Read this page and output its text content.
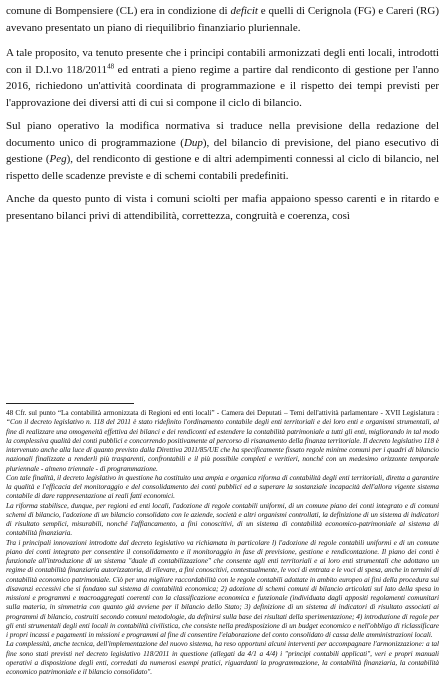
comune di Bompensiere (CL) era in condizione di deficit e quelli di Cerignola (FG) e Careri (RG) avevano presentato un piano di riequilibrio finanziario pluriennale.

A tale proposito, va tenuto presente che i principi contabili armonizzati degli enti locali, introdotti con il D.l.vo 118/2011$^{48}$ ed entrati a pieno regime a partire dal rendiconto di gestione per l'anno 2016, richiedono un'attività coordinata di programmazione e il rispetto dei tempi previsti per l'approvazione dei diversi atti di cui si compone il ciclo di bilancio.

Sul piano operativo la modifica normativa si traduce nella previsione della redazione del documento unico di programmazione (Dup), del bilancio di previsione, del piano esecutivo di gestione (Peg), del rendiconto di gestione e di altri adempimenti connessi al ciclo di bilancio, nel rispetto delle scadenze previste e di schemi contabili predefiniti.

Anche da questo punto di vista i comuni sciolti per mafia appaiono spesso carenti e in ritardo e presentano bilanci privi di attendibilità, correttezza, congruità e coerenza, così

48 Cfr. sul punto “La contabilità armonizzata di Regioni ed enti locali” - Camera dei Deputati – Temi dell'attività parlamentare - XVII Legislatura : “Con il decreto legislativo n. 118 del 2011 è stato ridefinito l'ordinamento contabile degli enti territoriali e dei loro enti e organismi strumentali, al fine di realizzare una omogeneità effettiva dei bilanci e dei rendiconti ed estendere la contabilità patrimoniale a tutti gli enti, migliorando in tal modo la complessiva qualità dei conti pubblici e concorrendo positivamente al percorso di risanamento della finanza territoriale. Il decreto legislativo 118 è intervenuto anche alla luce di quanto previsto dalla Direttiva 2011/85/UE che ha specificamente fissato regole minime comuni per i quadri di bilancio nazionali finalizzate a renderli più trasparenti, confrontabili e il più possibile completi e veritieri, nonché con un medesimo orizzonte temporale pluriennale - almeno triennale - di programmazione.
Con tale finalità, il decreto legislativo in questione ha costituito una ampia e organica riforma di contabilità degli enti territoriali, diretta a garantire la qualità e l'efficacia del monitoraggio e del consolidamento dei conti pubblici ed a superare la sostanziale incapacità dell'allora vigente sistema contabile di dare rappresentazione ai reali fatti economici.
La riforma stabilisce, dunque, per regioni ed enti locali, l'adozione di regole contabili uniformi, di un comune piano dei conti integrato e di comuni schemi di bilancio, l'adozione di un bilancio consolidato con le aziende, società e altri organismi controllati, la definizione di un sistema di indicatori di risultato semplici, misurabili, nonché l'affiancamento, a fini conoscitivi, di un sistema di contabilità economico-patrimoniale al sistema di contabilità finanziaria.
Tra i principali innovazioni introdotte dal decreto legislativo va richiamata in particolare l) l'adozione di regole contabili uniformi e di un comune piano dei conti integrato per consentire il consolidamento e il monitoraggio in fase di previsione, gestione e rendicontazione. Il piano dei conti è funzionale all'introduzione di un sistema "duale di contabilizzazione" che consente agli enti territoriali e ai loro enti strumentali che adottano un regime di contabilità finanziaria autorizzatoria, di rilevare, a fini conoscitivi, contestualmente, le voci di entrata e le voci di spesa, anche in termini di contabilità economico patrimoniale. Ciò per una migliore raccordabilità con le regole contabili adottate in ambito europeo ai fini della procedura sui disavanzi eccessivi che si fondano sul sistema di contabilità economica; 2) adozione di schemi comuni di bilancio articolati sul lato della spesa in missioni e programmi e macroaggregati coerenti con la classificazione economica e funzionale (individuata dagli appositi regolamenti comunitari sulla materia, in simmetria con quanto già avviene per il bilancio dello Stato; 3) definizione di un sistema di indicatori di risultato associati ai programmi di bilancio, costruiti secondo comuni metodologie, da definirsi sulla base dei risultati della sperimentazione; 4) introduzione di regole per gli enti strumentali degli enti locali in contabilità civilistica, che consiste nella predisposizione di un budget economico e nell'obbligo di riclassificare i propri incassi e pagamenti in missioni e programmi al fine di consentire l'elaborazione del conto consolidato di cassa delle amministrazioni locali.
La complessità, anche tecnica, dell'implementazione del nuovo sistema, ha reso opportuni alcuni interventi per accompagnare l'armonizzazione: a tal fine sono stati previsti nel decreto legislativo 118/2011 in questione (allegati da 4/1 a 4/4) i "principi contabili applicati", veri e propri manuali operativi a disposizione degli enti, corredati da numerosi esempi pratici, riguardanti la programmazione, la contabilità finanziaria, la contabilità economico patrimoniale e il bilancio consolidato".
